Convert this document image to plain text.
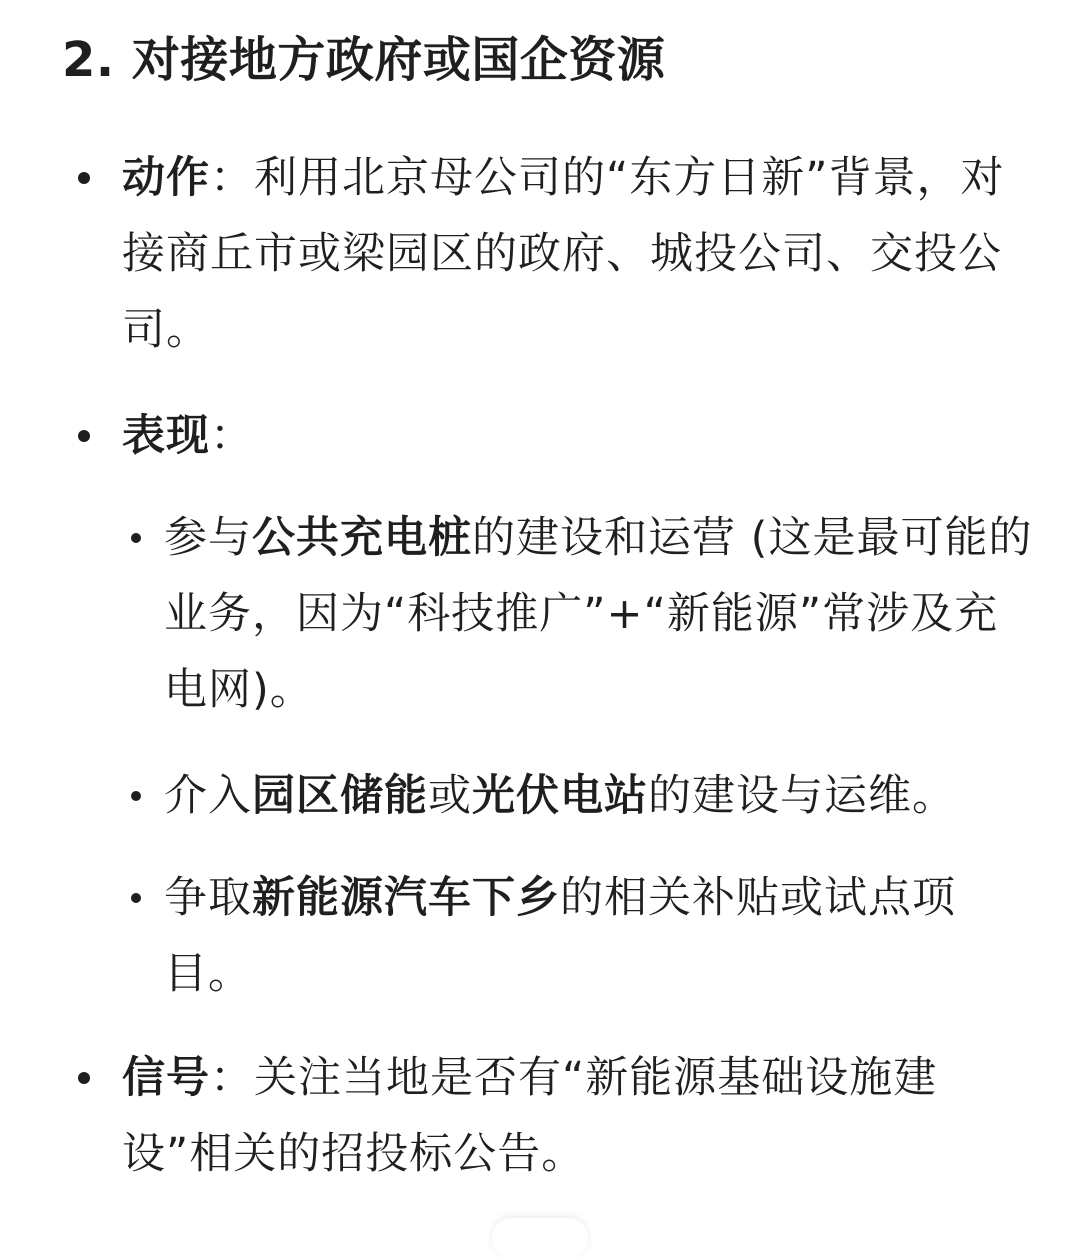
2. 对接地方政府或国企资源
动作：利用北京母公司的“东方日新”背景，对接商丘市或梁园区的政府、城投公司、交投公司。
表现：
参与公共充电桩的建设和运营 (这是最可能的业务，因为“科技推广”+“新能源”常涉及充电网)。
介入园区储能或光伏电站的建设与运维。
争取新能源汽车下乡的相关补贴或试点项目。
信号：关注当地是否有“新能源基础设施建设”相关的招投标公告。
